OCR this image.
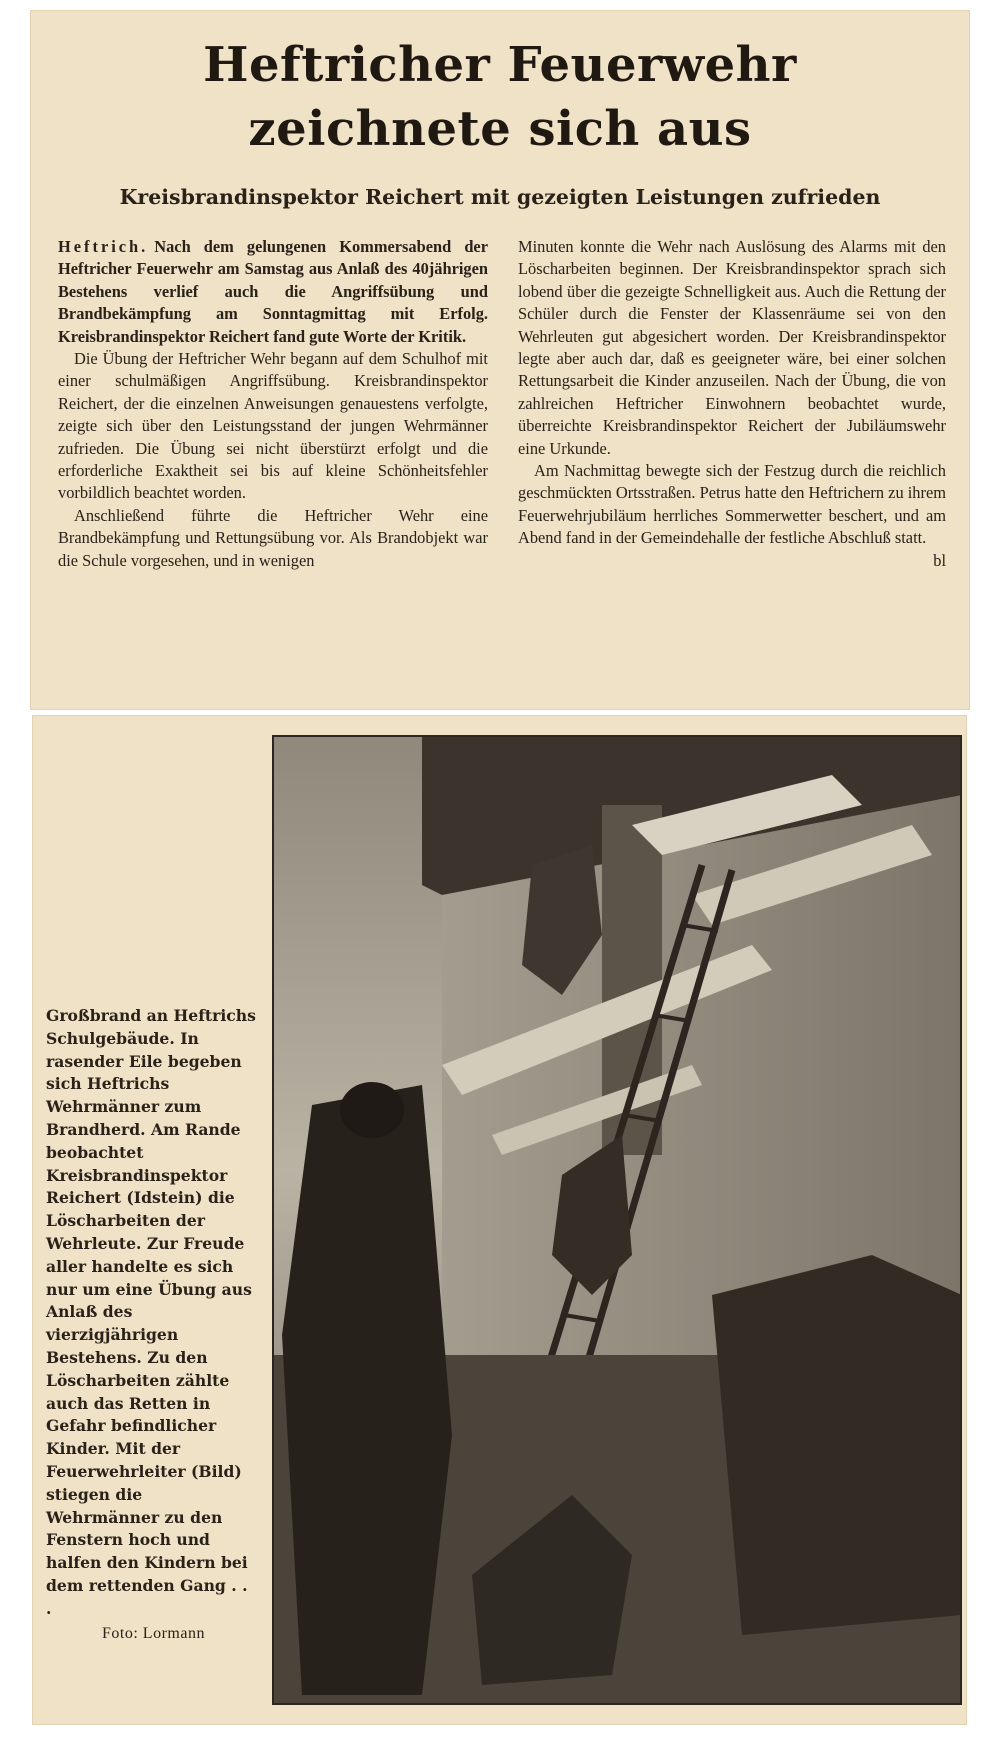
Heftricher Feuerwehr
zeichnete sich aus
Kreisbrandinspektor Reichert mit gezeigten Leistungen zufrieden

Heftrich. Nach dem gelungenen Kommersabend der Heftricher Feuerwehr am Samstag aus Anlaß des 40jährigen Bestehens verlief auch die Angriffsübung und Brandbekämpfung am Sonntagmittag mit Erfolg. Kreisbrandinspektor Reichert fand gute Worte der Kritik.

Die Übung der Heftricher Wehr begann auf dem Schulhof mit einer schulmäßigen Angriffsübung. Kreisbrandinspektor Reichert, der die einzelnen Anweisungen genauestens verfolgte, zeigte sich über den Leistungsstand der jungen Wehrmänner zufrieden. Die Übung sei nicht überstürzt erfolgt und die erforderliche Exaktheit sei bis auf kleine Schönheitsfehler vorbildlich beachtet worden.

Anschließend führte die Heftricher Wehr eine Brandbekämpfung und Rettungsübung vor. Als Brandobjekt war die Schule vorgesehen, und in wenigen

Minuten konnte die Wehr nach Auslösung des Alarms mit den Löscharbeiten beginnen. Der Kreisbrandinspektor sprach sich lobend über die gezeigte Schnelligkeit aus. Auch die Rettung der Schüler durch die Fenster der Klassenräume sei von den Wehrleuten gut abgesichert worden. Der Kreisbrandinspektor legte aber auch dar, daß es geeigneter wäre, bei einer solchen Rettungsarbeit die Kinder anzuseilen. Nach der Übung, die von zahlreichen Heftricher Einwohnern beobachtet wurde, überreichte Kreisbrandinspektor Reichert der Jubiläumswehr eine Urkunde.

Am Nachmittag bewegte sich der Festzug durch die reichlich geschmückten Ortsstraßen. Petrus hatte den Heftrichern zu ihrem Feuerwehrjubiläum herrliches Sommerwetter beschert, und am Abend fand in der Gemeindehalle der festliche Abschluß statt.
bl

Großbrand an Heftrichs Schulgebäude. In rasender Eile begeben sich Heftrichs Wehrmänner zum Brandherd. Am Rande beobachtet Kreisbrandinspektor Reichert (Idstein) die Löscharbeiten der Wehrleute. Zur Freude aller handelte es sich nur um eine Übung aus Anlaß des vierzigjährigen Bestehens. Zu den Löscharbeiten zählte auch das Retten in Gefahr befindlicher Kinder. Mit der Feuerwehrleiter (Bild) stiegen die Wehrmänner zu den Fenstern hoch und halfen den Kindern bei dem rettenden Gang . . .

Foto: Lormann
